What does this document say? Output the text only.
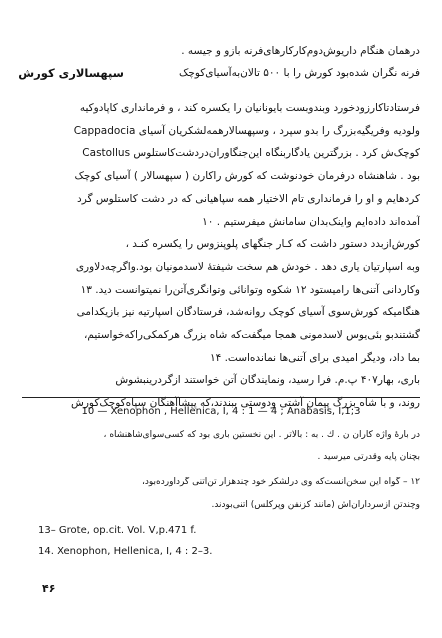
سپهسالاری کورش
درهمان هنگام داریوش‌دوم‌کارکارهای‌فرنه بازو و جیسه .
فرنه نگران شده‌بود کورش را با ۵۰۰ تالان‌به‌آسیای‌کوچک
فرستادتاکارزودخورد وبندوبست بایونانیان را یکسره کند ، و فرمانداری کاپادوکیه
Cappadocia ولودیه وفریگیه‌بزرگ را بدو سپرد ، وسپهسالارهمه‌لشکریان آسیای
کوچک‌ش کرد . بزرگترین یادگاربنگاه این‌جنگاوران‌دردشت‌کاستلوس Castollus
بود . شاهنشاه درفرمان خودنوشت که کورش راکارن ( سپهسالار ) آسیای کوچک
کردهایم و او را فرمانداری تام الاختیار همه سپاهیانی که در دشت کاستلوس گرد
آمده‌اند داده‌ایم واینک‌بدان سامانش میفرستیم . ۱۰
کورش‌ازبدد دستور داشت که کـار جنگهای پلوپنزوس را یکسره کنـد ،
وبه اسپارتیان یاری دهد . خودش هم سخت شیفتهٔ لاسدمونیان بود.واگرچه‌دلاوری
وکاردانی آتنی‌ها رامیستود ۱۲ شکوه وتوانائی وتوانگری‌آتن‌را نمیتوانست دید. ۱۳
هنگامیکه کورش‌سوی آسیای کوچک روانه‌شد، فرستادگان اسپارتیه نیز بازیکدامی
گشتندبو بئی‌یوس لاسدمونی همجا میگفت‌که شاه بزرگ هرکمکی‌راکه‌خواستیم،
بما داد، ودیگر امیدی برای آتنی‌ها نمانده‌است. ۱۴
باری، بهار۴۰۷ پ.م. فرا رسید، ونمایندگان آتن خواستند ازگردرینبشوش
روند، و با شاه بزرگ پیمان آشتی ودوستی ببندند،که پیشاآهنگان سپاه‌کوچک‌کورش
10 — Xenophon , Hellenica, I, 4 : 1 — 4 ; Anabasis, I,1;3
در بارهٔ واژه کاران ن . ك . به : بالاتر . این نخستین باری بود که کسی‌سوای‌شاهنشاه ،
بچنان پایه وقدرتی میرسید .
۱۲ – گواه این سخن‌آنست‌که وی درلشکر خود چندهزار تن‌آتنی گرد‌آورده‌بود،
وچندتن ازسرداران‌اش (مانند کزنفن وپرکلس) آتنی‌بودند.
13– Grote, op.cit. Vol. V,p.471 f.
14. Xenophon, Hellenica, I, 4 : 2–3.
۴۶
